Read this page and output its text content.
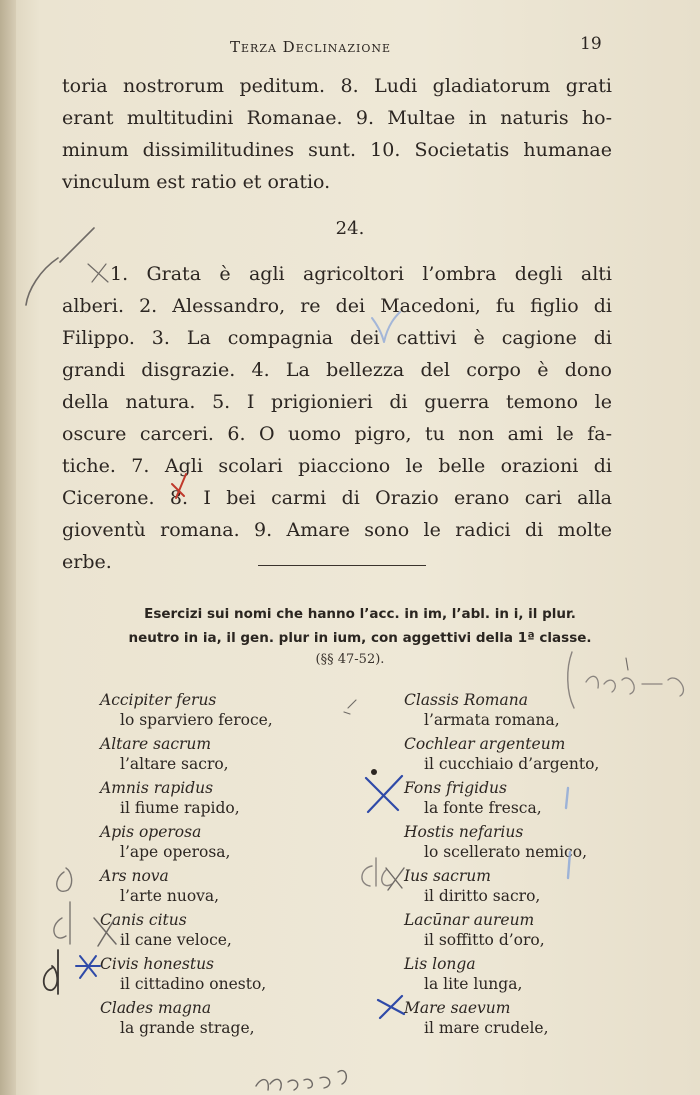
Terza Declinazione	19
toria nostrorum peditum. 8. Ludi gladiatorum grati
erant multitudini Romanae. 9. Multae in naturis ho-
minum dissimilitudines sunt. 10. Societatis humanae
vinculum est ratio et oratio.
24.
1. Grata è agli agricoltori l’ombra degli alti
alberi. 2. Alessandro, re dei Macedoni, fu figlio di
Filippo. 3. La compagnia dei cattivi è cagione di
grandi disgrazie. 4. La bellezza del corpo è dono
della natura. 5. I prigionieri di guerra temono le
oscure carceri. 6. O uomo pigro, tu non ami le fa-
tiche. 7. Agli scolari piacciono le belle orazioni di
Cicerone. 8. I bei carmi di Orazio erano cari alla
gioventù romana. 9. Amare sono le radici di molte
erbe.
Esercizi sui nomi che hanno l’acc. in im, l’abl. in i, il plur.
neutro in ia, il gen. plur in ium, con aggettivi della 1ª classe.
(§§ 47-52).
Accipiter ferus
lo sparviero feroce,
Altare sacrum
l’altare sacro,
Amnis rapidus
il fiume rapido,
Apis operosa
l’ape operosa,
Ars nova
l’arte nuova,
Canis citus
il cane veloce,
Civis honestus
il cittadino onesto,
Clades magna
la grande strage,
Classis Romana
l’armata romana,
Cochlear argenteum
il cucchiaio d’argento,
Fons frigidus
la fonte fresca,
Hostis nefarius
lo scellerato nemico,
Ius sacrum
il diritto sacro,
Lacūnar aureum
il soffitto d’oro,
Lis longa
la lite lunga,
Mare saevum
il mare crudele,
